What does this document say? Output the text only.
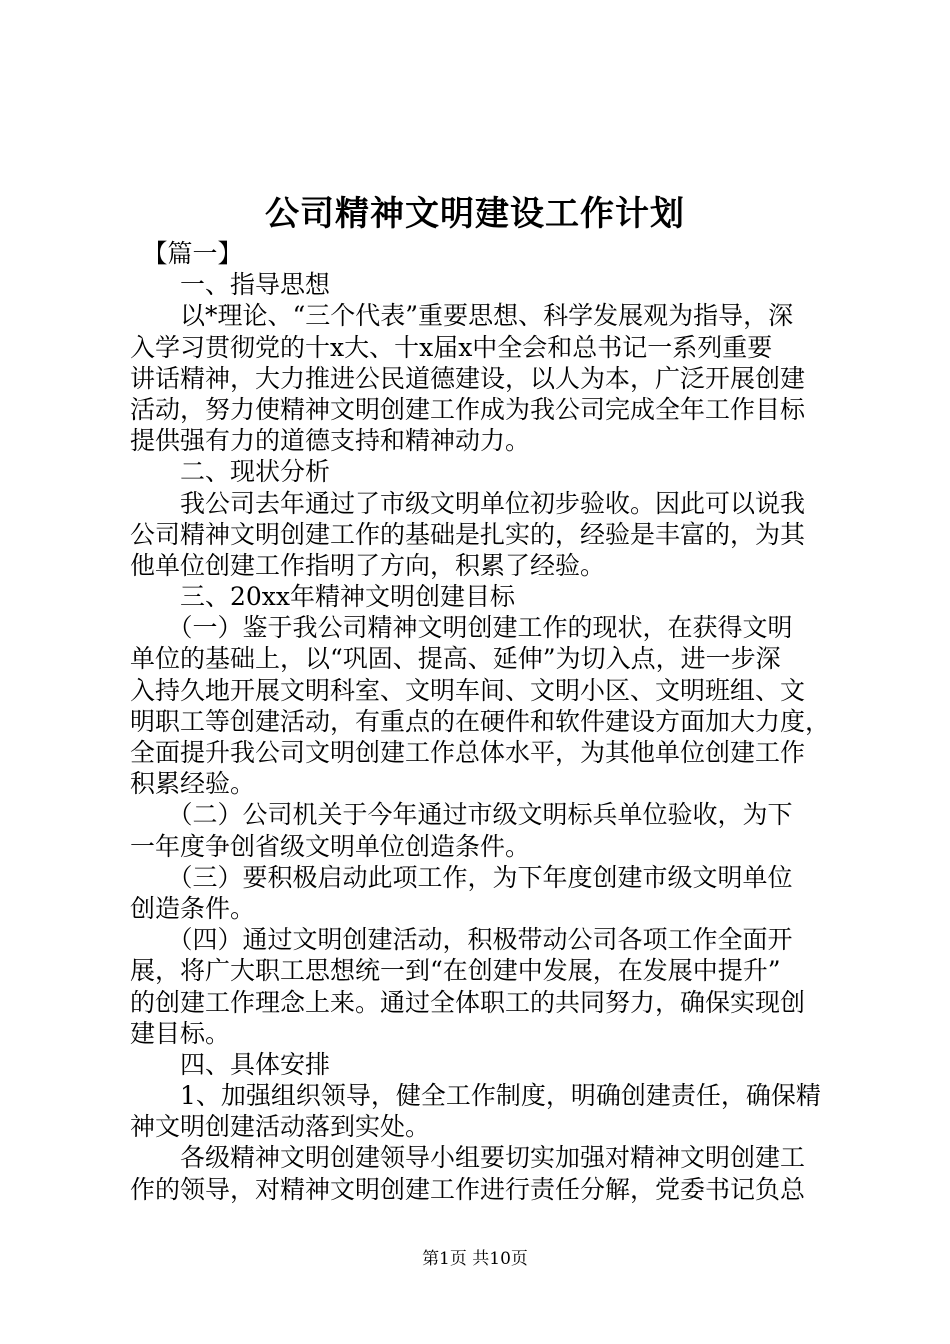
公司精神文明建设工作计划
　【篇一】
　　一、指导思想
　　以*理论、“三个代表”重要思想、科学发展观为指导，深
入学习贯彻党的十x大、十x届x中全会和总书记一系列重要
讲话精神，大力推进公民道德建设，以人为本，广泛开展创建
活动，努力使精神文明创建工作成为我公司完成全年工作目标
提供强有力的道德支持和精神动力。
　　二、现状分析
　　我公司去年通过了市级文明单位初步验收。因此可以说我
公司精神文明创建工作的基础是扎实的，经验是丰富的，为其
他单位创建工作指明了方向，积累了经验。
　　三、20xx年精神文明创建目标
　　（一）鉴于我公司精神文明创建工作的现状，在获得文明
单位的基础上，以“巩固、提高、延伸”为切入点，进一步深
入持久地开展文明科室、文明车间、文明小区、文明班组、文
明职工等创建活动，有重点的在硬件和软件建设方面加大力度，
全面提升我公司文明创建工作总体水平，为其他单位创建工作
积累经验。
　　（二）公司机关于今年通过市级文明标兵单位验收，为下
一年度争创省级文明单位创造条件。
　　（三）要积极启动此项工作，为下年度创建市级文明单位
创造条件。
　　（四）通过文明创建活动，积极带动公司各项工作全面开
展，将广大职工思想统一到“在创建中发展，在发展中提升”
的创建工作理念上来。通过全体职工的共同努力，确保实现创
建目标。
　　四、具体安排
　　1、加强组织领导，健全工作制度，明确创建责任，确保精
神文明创建活动落到实处。
　　各级精神文明创建领导小组要切实加强对精神文明创建工
作的领导，对精神文明创建工作进行责任分解，党委书记负总
第1页 共10页
